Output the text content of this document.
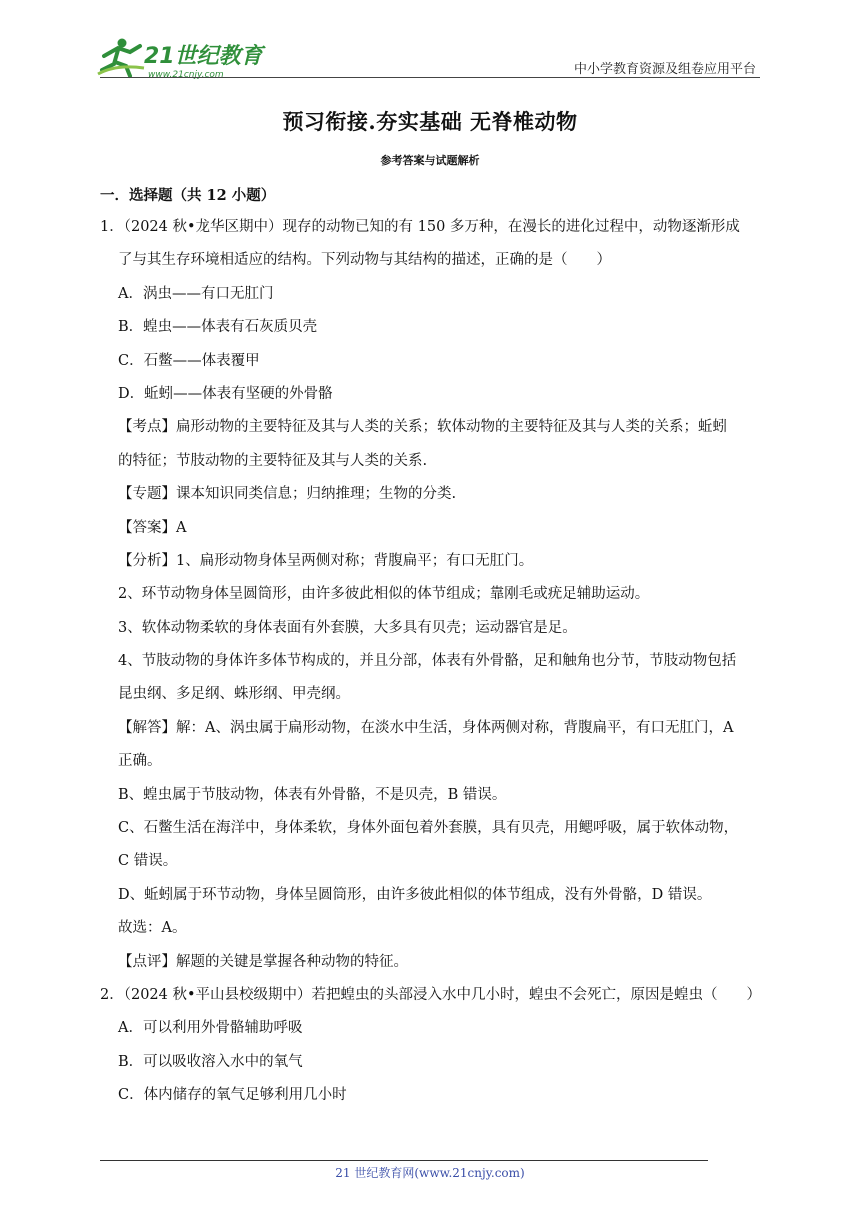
21世纪教育
www.21cnjy.com	中小学教育资源及组卷应用平台
预习衔接.夯实基础 无脊椎动物
参考答案与试题解析
一．选择题（共 12 小题）
1．（2024 秋•龙华区期中）现存的动物已知的有 150 多万种，在漫长的进化过程中，动物逐渐形成
了与其生存环境相适应的结构。下列动物与其结构的描述，正确的是（　　）
A．涡虫——有口无肛门
B．蝗虫——体表有石灰质贝壳
C．石鳖——体表覆甲
D．蚯蚓——体表有坚硬的外骨骼
【考点】扁形动物的主要特征及其与人类的关系；软体动物的主要特征及其与人类的关系；蚯蚓
的特征；节肢动物的主要特征及其与人类的关系.
【专题】课本知识同类信息；归纳推理；生物的分类.
【答案】A
【分析】1、扁形动物身体呈两侧对称；背腹扁平；有口无肛门。
2、环节动物身体呈圆筒形，由许多彼此相似的体节组成；靠刚毛或疣足辅助运动。
3、软体动物柔软的身体表面有外套膜，大多具有贝壳；运动器官是足。
4、节肢动物的身体许多体节构成的，并且分部，体表有外骨骼，足和触角也分节，节肢动物包括
昆虫纲、多足纲、蛛形纲、甲壳纲。
【解答】解：A、涡虫属于扁形动物，在淡水中生活，身体两侧对称，背腹扁平，有口无肛门，A
正确。
B、蝗虫属于节肢动物，体表有外骨骼，不是贝壳，B 错误。
C、石鳖生活在海洋中，身体柔软，身体外面包着外套膜，具有贝壳，用鳃呼吸，属于软体动物，
C 错误。
D、蚯蚓属于环节动物，身体呈圆筒形，由许多彼此相似的体节组成，没有外骨骼，D 错误。
故选：A。
【点评】解题的关键是掌握各种动物的特征。
2．（2024 秋•平山县校级期中）若把蝗虫的头部浸入水中几小时，蝗虫不会死亡，原因是蝗虫（　　）
A．可以利用外骨骼辅助呼吸
B．可以吸收溶入水中的氧气
C．体内储存的氧气足够利用几小时
21 世纪教育网(www.21cnjy.com)
